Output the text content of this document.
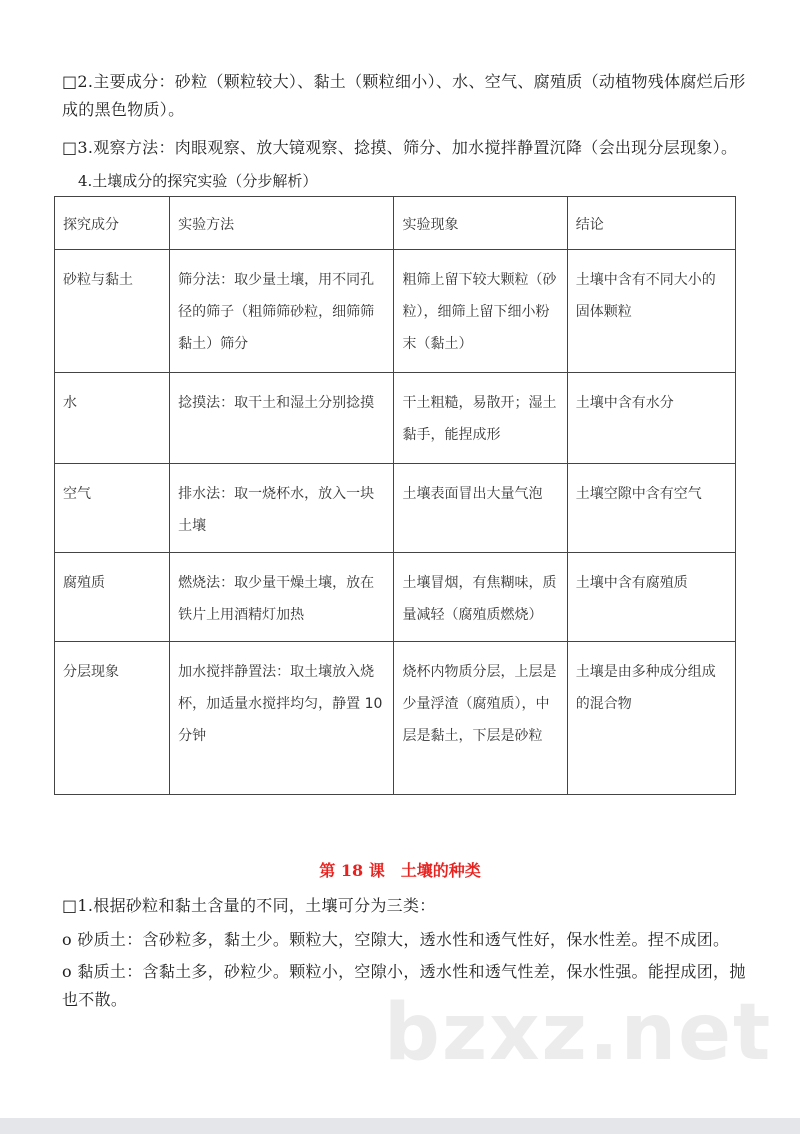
□2.主要成分：砂粒（颗粒较大）、黏土（颗粒细小）、水、空气、腐殖质（动植物残体腐烂后形成的黑色物质）。
□3.观察方法：肉眼观察、放大镜观察、捻摸、筛分、加水搅拌静置沉降（会出现分层现象）。
4.土壤成分的探究实验（分步解析）
探究成分	实验方法	实验现象	结论
砂粒与黏土	筛分法：取少量土壤，用不同孔径的筛子（粗筛筛砂粒，细筛筛黏土）筛分	粗筛上留下较大颗粒（砂粒），细筛上留下细小粉末（黏土）	土壤中含有不同大小的固体颗粒
水	捻摸法：取干土和湿土分别捻摸	干土粗糙，易散开；湿土黏手，能捏成形	土壤中含有水分
空气	排水法：取一烧杯水，放入一块土壤	土壤表面冒出大量气泡	土壤空隙中含有空气
腐殖质	燃烧法：取少量干燥土壤，放在铁片上用酒精灯加热	土壤冒烟，有焦糊味，质量减轻（腐殖质燃烧）	土壤中含有腐殖质
分层现象	加水搅拌静置法：取土壤放入烧杯，加适量水搅拌均匀，静置 10 分钟	烧杯内物质分层，上层是少量浮渣（腐殖质），中层是黏土，下层是砂粒	土壤是由多种成分组成的混合物
第 18 课　土壤的种类
□1.根据砂粒和黏土含量的不同，土壤可分为三类：
o 砂质土：含砂粒多，黏土少。颗粒大，空隙大，透水性和透气性好，保水性差。捏不成团。
o 黏质土：含黏土多，砂粒少。颗粒小，空隙小，透水性和透气性差，保水性强。能捏成团，抛也不散。	bzxz.net
